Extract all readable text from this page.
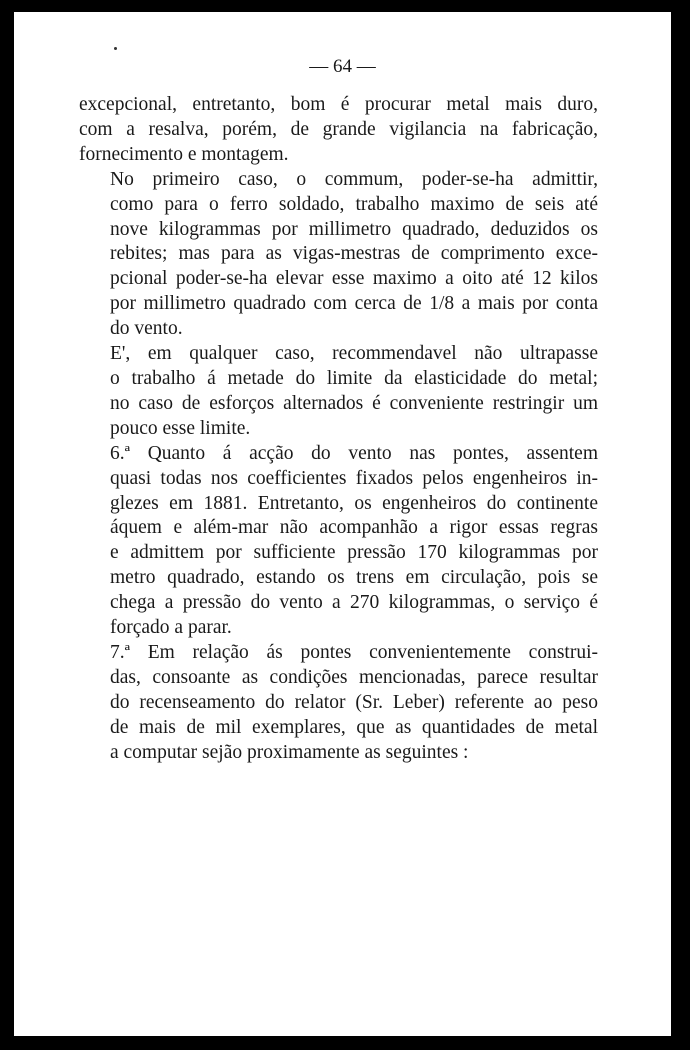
— 64 —

excepcional, entretanto, bom é procurar metal mais duro,
com a resalva, porém, de grande vigilancia na fabricação,
fornecimento e montagem.

No primeiro caso, o commum, poder-se-ha admittir,
como para o ferro soldado, trabalho maximo de seis até
nove kilogrammas por millimetro quadrado, deduzidos os
rebites; mas para as vigas-mestras de comprimento exce-
pcional poder-se-ha elevar esse maximo a oito até 12 kilos
por millimetro quadrado com cerca de 1/8 a mais por conta
do vento.

E', em qualquer caso, recommendavel não ultrapasse
o trabalho á metade do limite da elasticidade do metal;
no caso de esforços alternados é conveniente restringir um
pouco esse limite.

6.ª Quanto á acção do vento nas pontes, assentem
quasi todas nos coefficientes fixados pelos engenheiros in-
glezes em 1881. Entretanto, os engenheiros do continente
áquem e além-mar não acompanhão a rigor essas regras
e admittem por sufficiente pressão 170 kilogrammas por
metro quadrado, estando os trens em circulação, pois se
chega a pressão do vento a 270 kilogrammas, o serviço é
forçado a parar.

7.ª Em relação ás pontes convenientemente construi-
das, consoante as condições mencionadas, parece resultar
do recenseamento do relator (Sr. Leber) referente ao peso
de mais de mil exemplares, que as quantidades de metal
a computar sejão proximamente as seguintes :
